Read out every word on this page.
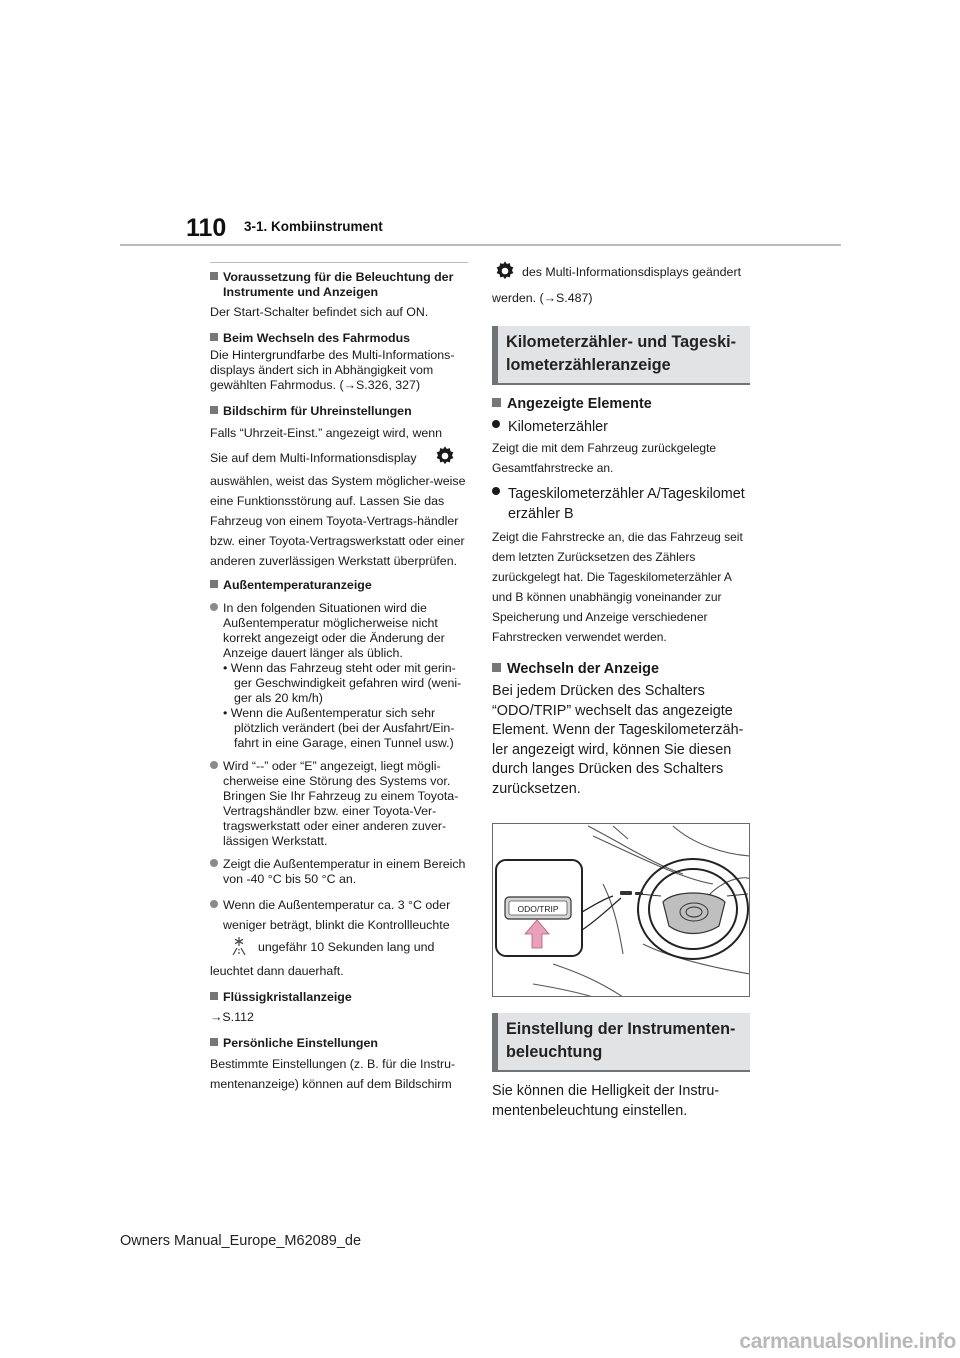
110 3-1. Kombiinstrument
Voraussetzung für die Beleuchtung der Instrumente und Anzeigen
Der Start-Schalter befindet sich auf ON.
Beim Wechseln des Fahrmodus
Die Hintergrundfarbe des Multi-Informations-displays ändert sich in Abhängigkeit vom gewählten Fahrmodus. (→S.326, 327)
Bildschirm für Uhreinstellungen
Falls “Uhrzeit-Einst.” angezeigt wird, wenn
Sie auf dem Multi-Informationsdisplay
auswählen, weist das System möglicher-weise eine Funktionsstörung auf. Lassen Sie das Fahrzeug von einem Toyota-Vertrags-händler bzw. einer Toyota-Vertragswerkstatt oder einer anderen zuverlässigen Werkstatt überprüfen.
Außentemperaturanzeige
In den folgenden Situationen wird die Außentemperatur möglicherweise nicht korrekt angezeigt oder die Änderung der Anzeige dauert länger als üblich.
• Wenn das Fahrzeug steht oder mit gerin-ger Geschwindigkeit gefahren wird (weni-ger als 20 km/h)
• Wenn die Außentemperatur sich sehr plötzlich verändert (bei der Ausfahrt/Ein-fahrt in eine Garage, einen Tunnel usw.)
Wird “--” oder “E” angezeigt, liegt mögli-cherweise eine Störung des Systems vor. Bringen Sie Ihr Fahrzeug zu einem Toyota-Vertragshändler bzw. einer Toyota-Ver-tragswerkstatt oder einer anderen zuver-lässigen Werkstatt.
Zeigt die Außentemperatur in einem Bereich von -40 °C bis 50 °C an.
Wenn die Außentemperatur ca. 3 °C oder weniger beträgt, blinkt die Kontrollleuchte
ungefähr 10 Sekunden lang und
leuchtet dann dauerhaft.
Flüssigkristallanzeige
→S.112
Persönliche Einstellungen
Bestimmte Einstellungen (z. B. für die Instru-mentenanzeige) können auf dem Bildschirm
des Multi-Informationsdisplays geändert
werden. (→S.487)
Kilometerzähler- und Tageski-lometerzähleranzeige
Angezeigte Elemente
Kilometerzähler
Zeigt die mit dem Fahrzeug zurückgelegte Gesamtfahrstrecke an.
Tageskilometerzähler A/Tageskilomet erzähler B
Zeigt die Fahrstrecke an, die das Fahrzeug seit dem letzten Zurücksetzen des Zählers zurückgelegt hat. Die Tageskilometerzähler A und B können unabhängig voneinander zur Speicherung und Anzeige verschiedener Fahrstrecken verwendet werden.
Wechseln der Anzeige
Bei jedem Drücken des Schalters “ODO/TRIP” wechselt das angezeigte Element. Wenn der Tageskilometerzäh-ler angezeigt wird, können Sie diesen durch langes Drücken des Schalters zurücksetzen.
ODO/TRIP
Einstellung der Instrumenten-beleuchtung
Sie können die Helligkeit der Instru-mentenbeleuchtung einstellen.
Owners Manual_Europe_M62089_de
carmanualsonline.info
